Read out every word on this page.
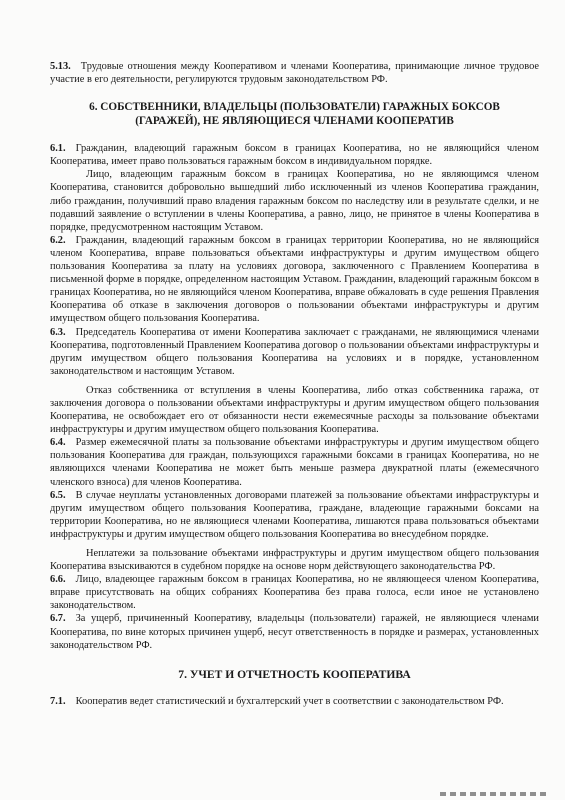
5.13. Трудовые отношения между Кооперативом и членами Кооператива, принимающие личное трудовое участие в его деятельности, регулируются трудовым законодательством РФ.

6. СОБСТВЕННИКИ, ВЛАДЕЛЬЦЫ (ПОЛЬЗОВАТЕЛИ) ГАРАЖНЫХ БОКСОВ (ГАРАЖЕЙ), НЕ ЯВЛЯЮЩИЕСЯ ЧЛЕНАМИ КООПЕРАТИВ

6.1. Гражданин, владеющий гаражным боксом в границах Кооператива, но не являющийся членом Кооператива, имеет право пользоваться гаражным боксом в индивидуальном порядке.

Лицо, владеющим гаражным боксом в границах Кооператива, но не являющимся членом Кооператива, становится добровольно вышедший либо исключенный из членов Кооператива гражданин, либо гражданин, получивший право владения гаражным боксом по наследству или в результате сделки, и не подавший заявление о вступлении в члены Кооператива, а равно, лицо, не принятое в члены Кооператива в порядке, предусмотренном настоящим Уставом.

6.2. Гражданин, владеющий гаражным боксом в границах территории Кооператива, но не являющийся членом Кооператива, вправе пользоваться объектами инфраструктуры и другим имуществом общего пользования Кооператива за плату на условиях договора, заключенного с Правлением Кооператива в письменной форме в порядке, определенном настоящим Уставом. Гражданин, владеющий гаражным боксом в границах Кооператива, но не являющийся членом Кооператива, вправе обжаловать в суде решения Правления Кооператива об отказе в заключения договоров о пользовании объектами инфраструктуры и другим имуществом общего пользования Кооператива.

6.3. Председатель Кооператива от имени Кооператива заключает с гражданами, не являющимися членами Кооператива, подготовленный Правлением Кооператива договор о пользовании объектами инфраструктуры и другим имуществом общего пользования Кооператива на условиях и в порядке, установленном законодательством и настоящим Уставом.

Отказ собственника от вступления в члены Кооператива, либо отказ собственника гаража, от заключения договора о пользовании объектами инфраструктуры и другим имуществом общего пользования Кооператива, не освобождает его от обязанности нести ежемесячные расходы за пользование объектами инфраструктуры и другим имуществом общего пользования Кооператива.

6.4. Размер ежемесячной платы за пользование объектами инфраструктуры и другим имуществом общего пользования Кооператива для граждан, пользующихся гаражными боксами в границах Кооператива, но не являющихся членами Кооператива не может быть меньше размера двукратной платы (ежемесячного членского взноса) для членов Кооператива.

6.5. В случае неуплаты установленных договорами платежей за пользование объектами инфраструктуры и другим имуществом общего пользования Кооператива, граждане, владеющие гаражными боксами на территории Кооператива, но не являющиеся членами Кооператива, лишаются права пользоваться объектами инфраструктуры и другим имуществом общего пользования Кооператива во внесудебном порядке.

Неплатежи за пользование объектами инфраструктуры и другим имуществом общего пользования Кооператива взыскиваются в судебном порядке на основе норм действующего законодательства РФ.

6.6. Лицо, владеющее гаражным боксом в границах Кооператива, но не являющееся членом Кооператива, вправе присутствовать на общих собраниях Кооператива без права голоса, если иное не установлено законодательством.

6.7. За ущерб, причиненный Кооперативу, владельцы (пользователи) гаражей, не являющиеся членами Кооператива, по вине которых причинен ущерб, несут ответственность в порядке и размерах, установленных законодательством РФ.

7. УЧЕТ И ОТЧЕТНОСТЬ КООПЕРАТИВА

7.1. Кооператив ведет статистический и бухгалтерский учет в соответствии с законодательством РФ.
